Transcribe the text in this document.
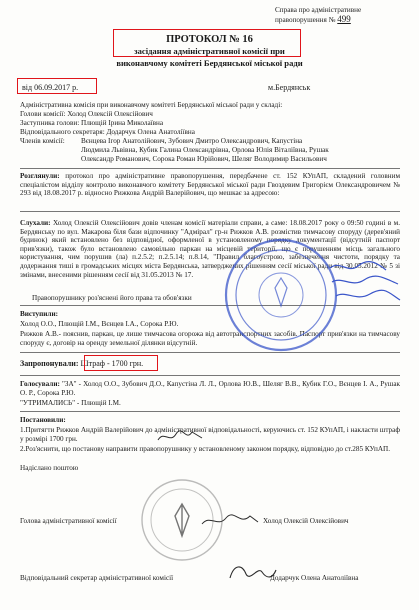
Справа про адміністративне
правопорушення № 499
ПРОТОКОЛ № 16
засідання адміністративної комісії при
виконавчому комітеті Бердянської міської ради
від 06.09.2017 р.	м.Бердянськ
Адміністративна комісія при виконавчому комітеті Бердянської міської ради у складі:
Голови комісії: Холод Олексій Олексійович
Заступника голови: Плющій Ірина Миколаївна
Відповідального секретаря: Додарчук Олена Анатоліївна
Членів комісії: Вєнцева Ігор Анатолійович, Зубович Дмитро Олександрович, Капустіна
Людмила Львівна, Кубик Галина Олександрівна, Орлова Юлія Віталіївна, Рушак
Олександр Романович, Сорока Роман Юрійович, Шеляг Володимир Васильович
Розглянули: протокол про адміністративне правопорушення, передбачене ст. 152 КУпАП, складений головним спеціалістом відділу контролю виконавчого комітету Бердянської міської ради Гвоздевим Григорієм Олександровичем № 293 від 18.08.2017 р. відносно Рижкова Андрій Валерійович, що мешкає за адресою:
Слухали: Холод Олексій Олексійович довів членам комісії матеріали справи, а саме: 18.08.2017 року о 09:50 годині в м. Бердянську по вул. Макарова біля бази відпочинку "Адмірал" гр-н Рижков А.В. розмістив тимчасову споруду (дерев'яний будинок) який встановлено без відповідної, оформленої в установленому порядку документації (відсутній паспорт прив'язки), також було встановлено самовільно паркан на місцевій території, що є порушенням місць загального користування, чим порушив (ла) п.2.5.2; п.2.5.14; п.8.14, "Правил благоустрою, забезпечення чистоти, порядку та додержання тиші в громадських місцях міста Бердянська, затверджених рішенням сесії міської ради від 30.05.2012 № 5 зі змінами, внесеними рішенням сесії від 31.05.2013 № 17.
Правопорушнику роз'яснені його права та обов'язки
Виступили:
Холод О.О., Плющій І.М., Вєнцев І.А., Сорока Р.Ю.
Рижков А.В.- пояснив, паркан, це лише тимчасова огорожа від автотранспортних засобів. Паспорт прив'язки на тимчасову споруду є, договір на оренду земельної ділянки відсутній.
Запропонували: Штраф - 1700 грн.
Голосували: "ЗА" - Холод О.О., Зубович Д.О., Капустіна Л. Л., Орлова Ю.В., Шеляг В.В., Кубик Г.О., Вєнцев І. А., Рушак О. Р., Сорока Р.Ю.
"УТРИМАЛИСЬ" - Плющій І.М.
Постановили:
1.Притягти Рижков Андрій Валерійович до адміністративної відповідальності, керуючись ст. 152 КУпАП, і накласти штраф у розмірі 1700 грн.
2.Роз'яснити, що постанову направити правопорушнику у встановленому законом порядку, відповідно до ст.285 КУпАП.
Надіслано поштою
Голова адміністративної комісії	Холод Олексій Олексійович
Відповідальний секретар адміністративної комісії	Додарчук Олена Анатоліївна
